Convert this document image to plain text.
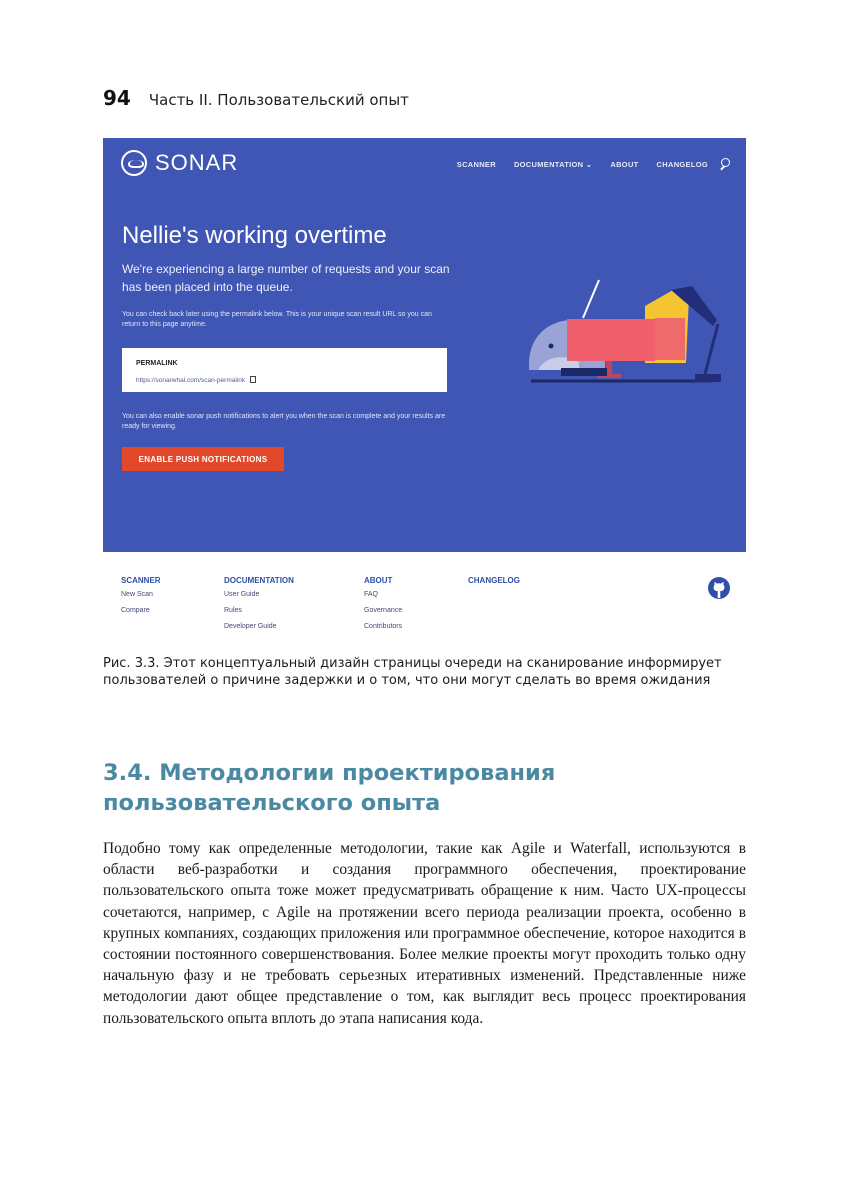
94 Часть II. Пользовательский опыт
SONAR	SCANNER DOCUMENTATION ⌄ ABOUT CHANGELOG
Nellie's working overtime
We're experiencing a large number of requests and your scan has been placed into the queue.
You can check back later using the permalink below. This is your unique scan result URL so you can return to this page anytime.
PERMALINK
https://sonarwhal.com/scan-permalink
You can also enable sonar push notifications to alert you when the scan is complete and your results are ready for viewing.
ENABLE PUSH NOTIFICATIONS
SCANNER
New Scan
Compare
DOCUMENTATION
User Guide
Rules
Developer Guide
ABOUT
FAQ
Governance
Contributors
CHANGELOG
Рис. 3.3. Этот концептуальный дизайн страницы очереди на сканирование информирует пользователей о причине задержки и о том, что они могут сделать во время ожидания
3.4. Методологии проектирования пользовательского опыта

Подобно тому как определенные методологии, такие как Agile и Waterfall, используются в области веб-разработки и создания программного обеспечения, проектирование пользовательского опыта тоже может предусматривать обращение к ним. Часто UX-процессы сочетаются, например, с Agile на протяжении всего периода реализации проекта, особенно в крупных компаниях, создающих приложения или программное обеспечение, которое находится в состоянии постоянного совершенствования. Более мелкие проекты могут проходить только одну начальную фазу и не требовать серьезных итеративных изменений. Представленные ниже методологии дают общее представление о том, как выглядит весь процесс проектирования пользовательского опыта вплоть до этапа написания кода.
